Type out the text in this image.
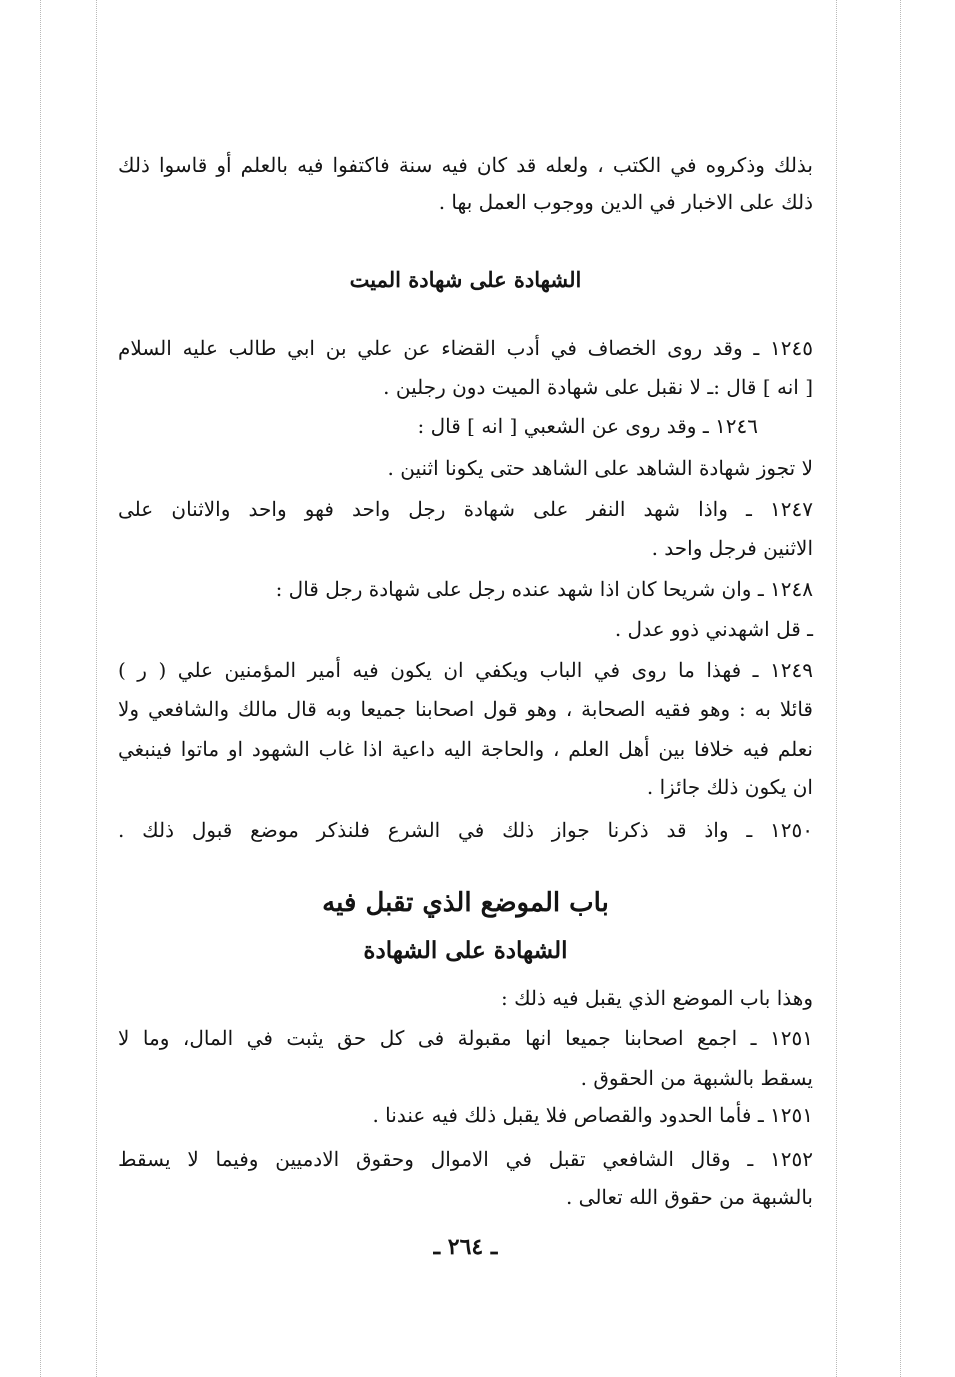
بذلك وذكروه في الكتب ، ولعله قد كان فيه سنة فاكتفوا فيه بالعلم أو قاسوا ذلك
ذلك على الاخبار في الدين ووجوب العمل بها .
الشهادة على شهادة الميت
١٢٤٥ ـ وقد روى الخصاف في أدب القضاء عن علي بن ابي طالب عليه السلام
[ انه ] قال :ـ لا نقبل على شهادة الميت دون رجلين .
١٢٤٦ ـ وقد روى عن الشعبي [ انه ] قال :
لا تجوز شهادة الشاهد على الشاهد حتى يكونا اثنين .
١٢٤٧ ـ واذا شهد النفر على شهادة رجل واحد فهو واحد والاثنان على
الاثنين فرجل واحد .
١٢٤٨ ـ وان شريحا كان اذا شهد عنده رجل على شهادة رجل قال :
ـ قل اشهدني ذوو عدل .
١٢٤٩ ـ فهذا ما روى في الباب ويكفي ان يكون فيه أمير المؤمنين علي ( ر )
قائلا به : وهو فقيه الصحابة ، وهو قول اصحابنا جميعا وبه قال مالك والشافعي ولا
نعلم فيه خلافا بين أهل العلم ، والحاجة اليه داعية اذا غاب الشهود او ماتوا فينبغي
ان يكون ذلك جائزا .
١٢٥٠ ـ واذ قد ذكرنا جواز ذلك في الشرع فلنذكر موضع قبول ذلك .
باب الموضع الذي تقبل فيه
الشهادة على الشهادة
وهذا باب الموضع الذي يقبل فيه ذلك :
١٢٥١ ـ اجمع اصحابنا جميعا انها مقبولة فى كل حق يثبت في المال، وما لا
يسقط بالشبهة من الحقوق .
١٢٥١ ـ فأما الحدود والقصاص فلا يقبل ذلك فيه عندنا .
١٢٥٢ ـ وقال الشافعي تقبل في الاموال وحقوق الادميين وفيما لا يسقط
بالشبهة من حقوق الله تعالى .
ـ ٢٦٤ ـ
